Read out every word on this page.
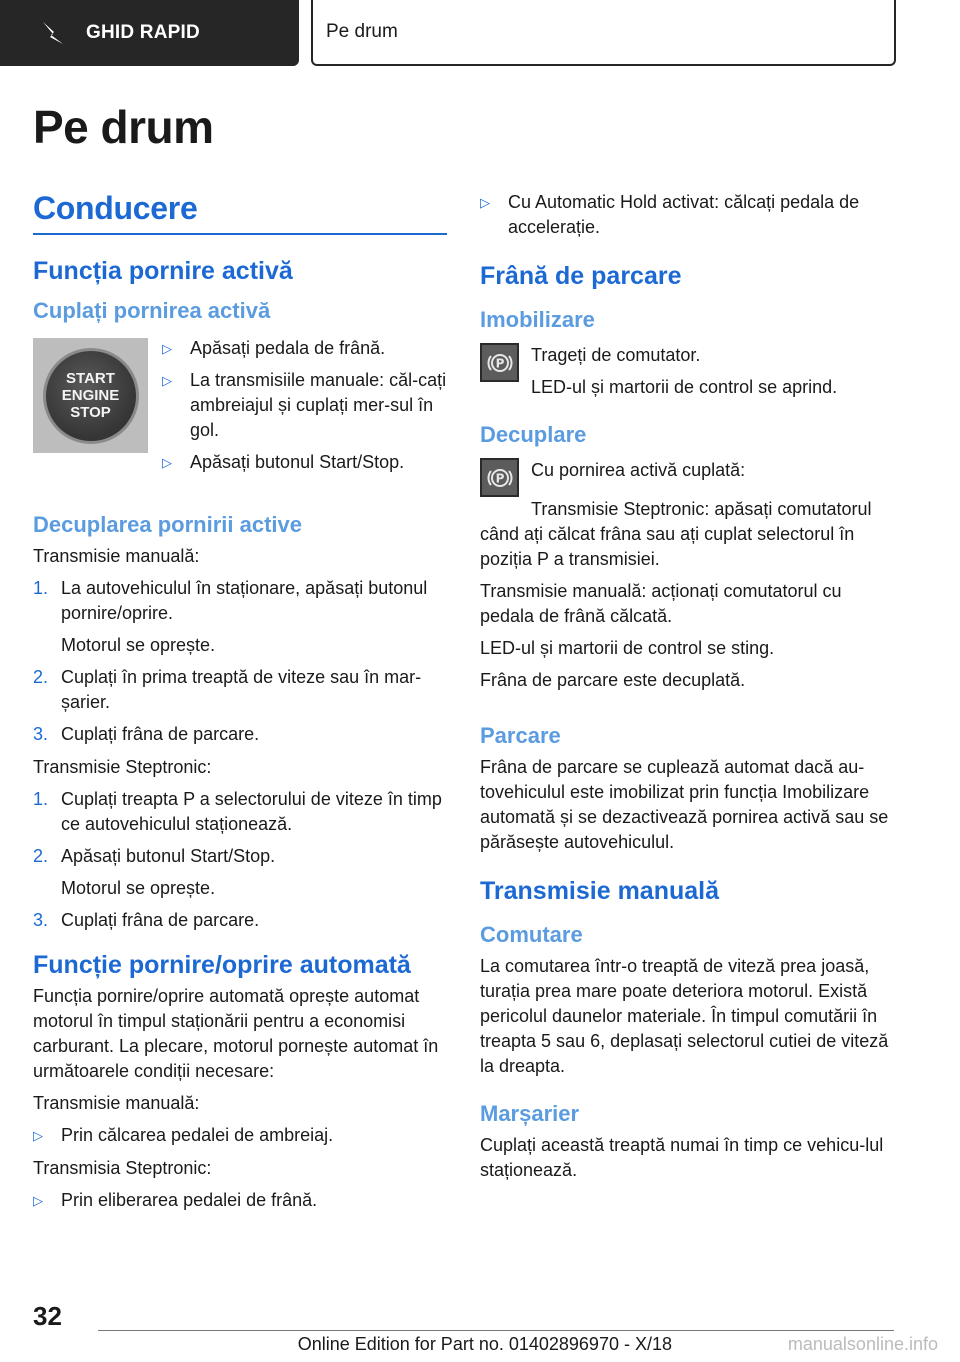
GHID RAPID	Pe drum
Pe drum
Conducere
Funcția pornire activă
Cuplați pornirea activă
START
ENGINE
STOP
▷ Apăsați pedala de frână.
▷ La transmisiile manuale: căl-cați ambreiajul și cuplați mer-sul în gol.
▷ Apăsați butonul Start/Stop.
Decuplarea pornirii active

Transmisie manuală:

1. La autovehiculul în staționare, apăsați butonul pornire/oprire.
Motorul se oprește.
2. Cuplați în prima treaptă de viteze sau în mar-șarier.
3. Cuplați frâna de parcare.

Transmisie Steptronic:

1. Cuplați treapta P a selectorului de viteze în timp ce autovehiculul staționează.
2. Apăsați butonul Start/Stop.
Motorul se oprește.
3. Cuplați frâna de parcare.
Funcție pornire/oprire automată

Funcția pornire/oprire automată oprește automat motorul în timpul staționării pentru a economisi carburant. La plecare, motorul pornește automat în următoarele condiții necesare:

Transmisie manuală:

▷ Prin călcarea pedalei de ambreiaj.

Transmisia Steptronic:

▷ Prin eliberarea pedalei de frână.
▷ Cu Automatic Hold activat: călcați pedala de accelerație.
Frână de parcare
Imobilizare
P Trageți de comutator.

LED-ul și martorii de control se aprind.

Decuplare
P Cu pornirea activă cuplată:

Transmisie Steptronic: apăsați comutatorul când ați călcat frâna sau ați cuplat selectorul în poziția P a transmisiei.

Transmisie manuală: acționați comutatorul cu pedala de frână călcată.

LED-ul și martorii de control se sting.

Frâna de parcare este decuplată.

Parcare

Frâna de parcare se cuplează automat dacă au-tovehiculul este imobilizat prin funcția Imobilizare automată și se dezactivează pornirea activă sau se părăsește autovehiculul.

Transmisie manuală
Comutare

La comutarea într-o treaptă de viteză prea joasă, turația prea mare poate deteriora motorul. Există pericolul daunelor materiale. În timpul comutării în treapta 5 sau 6, deplasați selectorul cutiei de viteză la dreapta.

Marșarier

Cuplați această treaptă numai în timp ce vehicu-lul staționează.

32
Online Edition for Part no. 01402896970 - X/18	manualsonline.info
